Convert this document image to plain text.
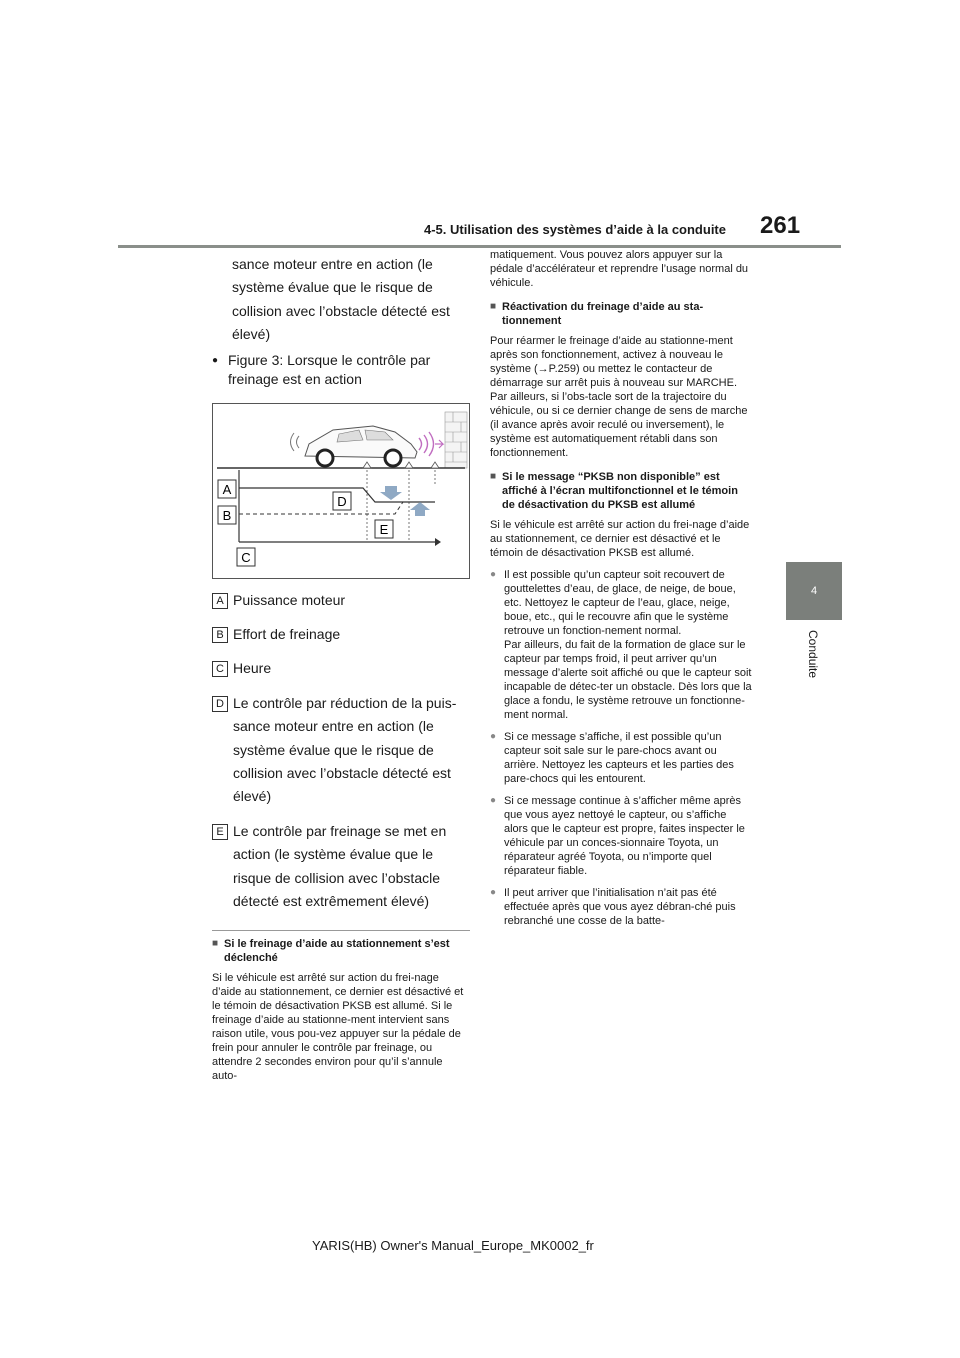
4-5. Utilisation des systèmes d’aide à la conduite 261
4
Conduite

sance moteur entre en action (le

système évalue que le risque de

collision avec l’obstacle détecté est

élevé)

● Figure 3: Lorsque le contrôle par freinage est en action
A
B
C
D
E
A Puissance moteur
B Effort de freinage
C Heure
D Le contrôle par réduction de la puis-
sance moteur entre en action (le
système évalue que le risque de
collision avec l’obstacle détecté est
élevé)
E Le contrôle par freinage se met en
action (le système évalue que le
risque de collision avec l’obstacle
détecté est extrêmement élevé)
■ Si le freinage d’aide au stationnement s’est déclenché
Si le véhicule est arrêté sur action du frei-nage d’aide au stationnement, ce dernier est désactivé et le témoin de désactivation PKSB est allumé. Si le freinage d’aide au stationne-ment intervient sans raison utile, vous pou-vez appuyer sur la pédale de frein pour annuler le contrôle par freinage, ou attendre 2 secondes environ pour qu’il s’annule auto-
matiquement. Vous pouvez alors appuyer sur la pédale d’accélérateur et reprendre l’usage normal du véhicule.
■ Réactivation du freinage d’aide au sta-tionnement
Pour réarmer le freinage d’aide au stationne-ment après son fonctionnement, activez à nouveau le système (→P.259) ou mettez le contacteur de démarrage sur arrêt puis à nouveau sur MARCHE. Par ailleurs, si l’obs-tacle sort de la trajectoire du véhicule, ou si ce dernier change de sens de marche (il avance après avoir reculé ou inversement), le système est automatiquement rétabli dans son fonctionnement.
■ Si le message “PKSB non disponible” est affiché à l’écran multifonctionnel et le témoin de désactivation du PKSB est allumé
Si le véhicule est arrêté sur action du frei-nage d’aide au stationnement, ce dernier est désactivé et le témoin de désactivation PKSB est allumé.
● Il est possible qu’un capteur soit recouvert de gouttelettes d’eau, de glace, de neige, de boue, etc. Nettoyez le capteur de l’eau, glace, neige, boue, etc., qui le recouvre afin que le système retrouve un fonction-nement normal.
Par ailleurs, du fait de la formation de glace sur le capteur par temps froid, il peut arriver qu’un message d’alerte soit affiché ou que le capteur soit incapable de détec-ter un obstacle. Dès lors que la glace a fondu, le système retrouve un fonctionne-ment normal.
● Si ce message s’affiche, il est possible qu’un capteur soit sale sur le pare-chocs avant ou arrière. Nettoyez les capteurs et les parties des pare-chocs qui les entourent.
● Si ce message continue à s’afficher même après que vous ayez nettoyé le capteur, ou s’affiche alors que le capteur est propre, faites inspecter le véhicule par un conces-sionnaire Toyota, un réparateur agréé Toyota, ou n’importe quel réparateur fiable.
● Il peut arriver que l’initialisation n’ait pas été effectuée après que vous ayez débran-ché puis rebranché une cosse de la batte-
YARIS(HB) Owner's Manual_Europe_MK0002_fr
